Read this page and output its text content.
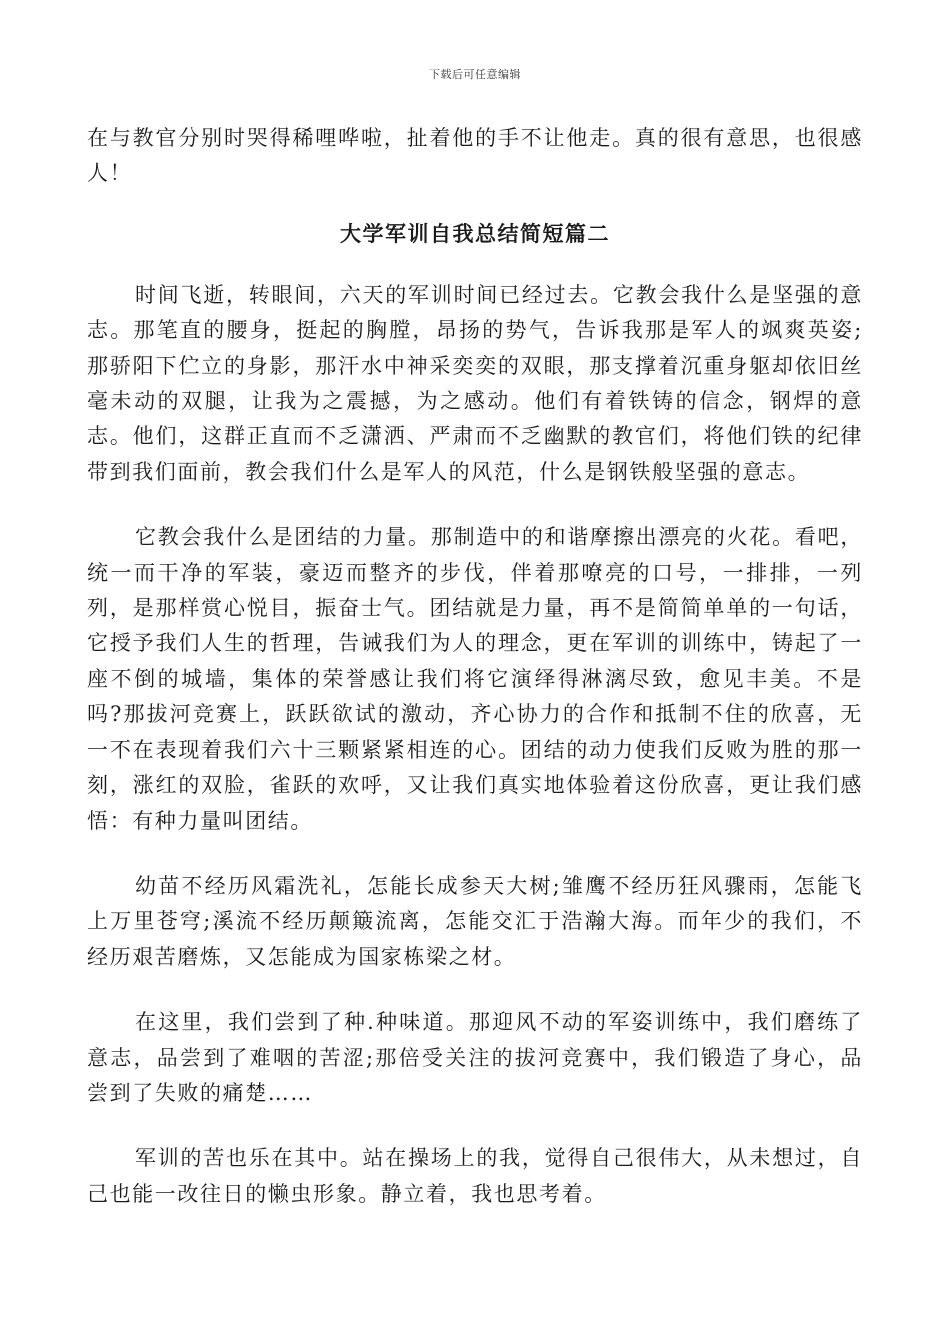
下载后可任意编辑

在与教官分别时哭得稀哩哗啦，扯着他的手不让他走。真的很有意思，也很感人！

大学军训自我总结简短篇二

时间飞逝，转眼间，六天的军训时间已经过去。它教会我什么是坚强的意志。那笔直的腰身，挺起的胸膛，昂扬的势气，告诉我那是军人的飒爽英姿;那骄阳下伫立的身影，那汗水中神采奕奕的双眼，那支撑着沉重身躯却依旧丝毫未动的双腿，让我为之震撼，为之感动。他们有着铁铸的信念，钢焊的意志。他们，这群正直而不乏潇洒、严肃而不乏幽默的教官们，将他们铁的纪律带到我们面前，教会我们什么是军人的风范，什么是钢铁般坚强的意志。

它教会我什么是团结的力量。那制造中的和谐摩擦出漂亮的火花。看吧，统一而干净的军装，豪迈而整齐的步伐，伴着那嘹亮的口号，一排排，一列列，是那样赏心悦目，振奋士气。团结就是力量，再不是简简单单的一句话，它授予我们人生的哲理，告诫我们为人的理念，更在军训的训练中，铸起了一座不倒的城墙，集体的荣誉感让我们将它演绎得淋漓尽致，愈见丰美。不是吗?那拔河竞赛上，跃跃欲试的激动，齐心协力的合作和抵制不住的欣喜，无一不在表现着我们六十三颗紧紧相连的心。团结的动力使我们反败为胜的那一刻，涨红的双脸，雀跃的欢呼，又让我们真实地体验着这份欣喜，更让我们感悟：有种力量叫团结。

幼苗不经历风霜洗礼，怎能长成参天大树;雏鹰不经历狂风骤雨，怎能飞上万里苍穹;溪流不经历颠簸流离，怎能交汇于浩瀚大海。而年少的我们，不经历艰苦磨炼，又怎能成为国家栋梁之材。

在这里，我们尝到了种.种味道。那迎风不动的军姿训练中，我们磨练了意志，品尝到了难咽的苦涩;那倍受关注的拔河竞赛中，我们锻造了身心，品尝到了失败的痛楚……

军训的苦也乐在其中。站在操场上的我，觉得自己很伟大，从未想过，自己也能一改往日的懒虫形象。静立着，我也思考着。
